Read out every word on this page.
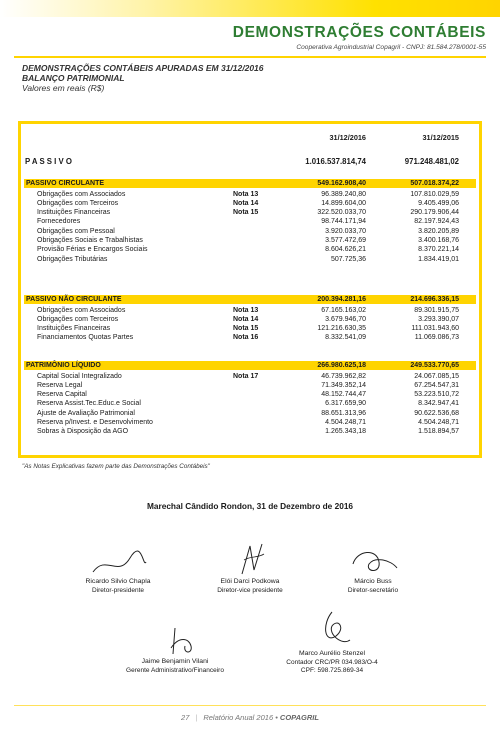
DEMONSTRAÇÕES CONTÁBEIS
Cooperativa Agroindustrial Copagril - CNPJ: 81.584.278/0001-55
DEMONSTRAÇÕES CONTÁBEIS APURADAS EM 31/12/2016
BALANÇO PATRIMONIAL
Valores em reais (R$)
31/12/2016	31/12/2015
P A S S I V O	1.016.537.814,74	971.248.481,02
PASSIVO CIRCULANTE	549.162.908,40	507.018.374,22
Obrigações com Associados	Nota 13	96.389.240,80	107.810.029,59
Obrigações com Terceiros	Nota 14	14.899.604,00	9.405.499,06
Instituições Financeiras	Nota 15	322.520.033,70	290.179.906,44
Fornecedores	98.744.171,94	82.197.924,43
Obrigações com Pessoal	3.920.033,70	3.820.205,89
Obrigações Sociais e Trabalhistas	3.577.472,69	3.400.168,76
Provisão Férias e Encargos Sociais	8.604.626,21	8.370.221,14
Obrigações Tributárias	507.725,36	1.834.419,01
PASSIVO NÃO CIRCULANTE	200.394.281,16	214.696.336,15
Obrigações com Associados	Nota 13	67.165.163,02	89.301.915,75
Obrigações com Terceiros	Nota 14	3.679.946,70	3.293.390,07
Instituições Financeiras	Nota 15	121.216.630,35	111.031.943,60
Financiamentos Quotas Partes	Nota 16	8.332.541,09	11.069.086,73
PATRIMÔNIO LÍQUIDO	266.980.625,18	249.533.770,65
Capital Social Integralizado	Nota 17	46.739.962,82	24.067.085,15
Reserva Legal	71.349.352,14	67.254.547,31
Reserva Capital	48.152.744,47	53.223.510,72
Reserva Assist.Tec.Educ.e Social	6.317.659,90	8.342.947,41
Ajuste de Avaliação Patrimonial	88.651.313,96	90.622.536,68
Reserva p/Invest. e Desenvolvimento	4.504.248,71	4.504.248,71
Sobras à Disposição da AGO	1.265.343,18	1.518.894,57
"As Notas Explicativas fazem parte das Demonstrações Contábeis"
Marechal Cândido Rondon, 31 de Dezembro de 2016
Ricardo Silvio Chapla
Diretor-presidente
Elói Darci Podkowa
Diretor-vice presidente
Márcio Buss
Diretor-secretário
Jaime Benjamin Vilani
Gerente Administrativo/Financeiro
Marco Aurélio Stenzel
Contador CRC/PR 034.983/O-4
CPF: 598.725.869-34
27 | Relatório Anual 2016 • COPAGRIL
